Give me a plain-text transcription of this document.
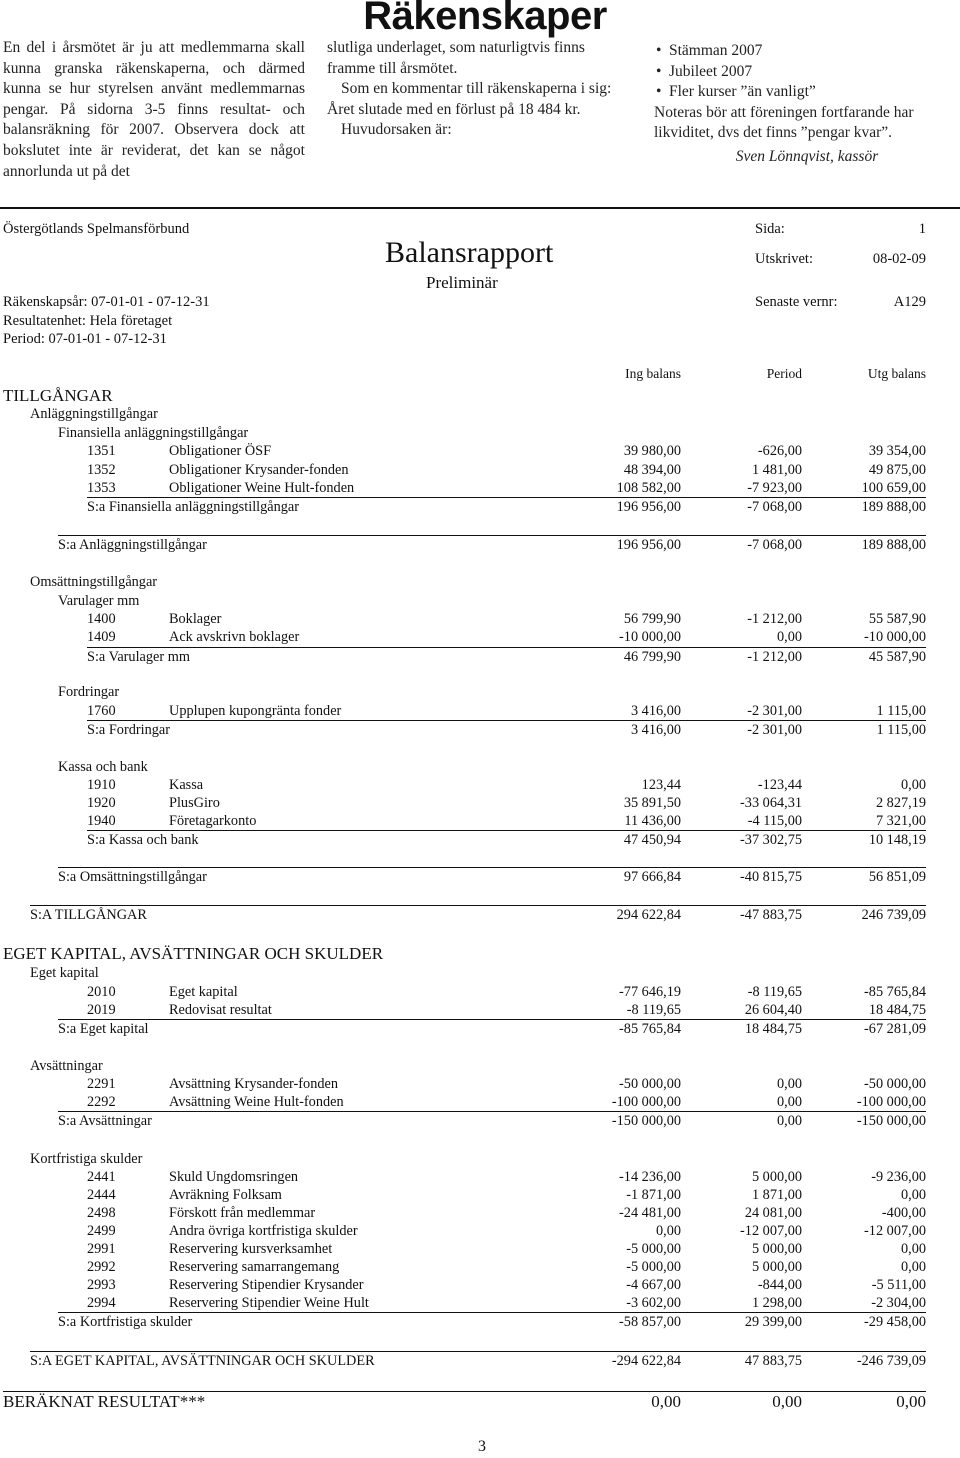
Räkenskaper

En del i årsmötet är ju att medlemmarna skall kunna granska räkenskaperna, och därmed kunna se hur styrelsen använt medlemmarnas pengar. På sidorna 3-5 finns resultat- och balansräkning för 2007. Observera dock att bokslutet inte är reviderat, det kan se något annorlunda ut på det

slutliga underlaget, som naturligtvis finns framme till årsmötet.

Som en kommentar till räkenskaperna i sig:

Året slutade med en förlust på 18 484 kr.

Huvudorsaken är:

• Stämman 2007

• Jubileet 2007

• Fler kurser ”än vanligt”

Noteras bör att föreningen fortfarande har likviditet, dvs det finns ”pengar kvar”.

Sven Lönnqvist, kassör

Östergötlands Spelmansförbund	Sida:	1
Balansrapport	Utskrivet:	08-02-09
Preliminär
Räkenskapsår: 07-01-01 - 07-12-31	Senaste vernr:	A129
Resultatenhet: Hela företaget
Period: 07-01-01 - 07-12-31
Ing balans	Period	Utg balans
TILLGÅNGAR
Anläggningstillgångar
Finansiella anläggningstillgångar
1351	Obligationer ÖSF	39 980,00	-626,00	39 354,00
1352	Obligationer Krysander-fonden	48 394,00	1 481,00	49 875,00
1353	Obligationer Weine Hult-fonden	108 582,00	-7 923,00	100 659,00
S:a Finansiella anläggningstillgångar	196 956,00	-7 068,00	189 888,00
S:a Anläggningstillgångar	196 956,00	-7 068,00	189 888,00
Omsättningstillgångar
Varulager mm
1400	Boklager	56 799,90	-1 212,00	55 587,90
1409	Ack avskrivn boklager	-10 000,00	0,00	-10 000,00
S:a Varulager mm	46 799,90	-1 212,00	45 587,90
Fordringar
1760	Upplupen kupongränta fonder	3 416,00	-2 301,00	1 115,00
S:a Fordringar	3 416,00	-2 301,00	1 115,00
Kassa och bank
1910	Kassa	123,44	-123,44	0,00
1920	PlusGiro	35 891,50	-33 064,31	2 827,19
1940	Företagarkonto	11 436,00	-4 115,00	7 321,00
S:a Kassa och bank	47 450,94	-37 302,75	10 148,19
S:a Omsättningstillgångar	97 666,84	-40 815,75	56 851,09
S:A TILLGÅNGAR	294 622,84	-47 883,75	246 739,09
EGET KAPITAL, AVSÄTTNINGAR OCH SKULDER
Eget kapital
2010	Eget kapital	-77 646,19	-8 119,65	-85 765,84
2019	Redovisat resultat	-8 119,65	26 604,40	18 484,75
S:a Eget kapital	-85 765,84	18 484,75	-67 281,09
Avsättningar
2291	Avsättning Krysander-fonden	-50 000,00	0,00	-50 000,00
2292	Avsättning Weine Hult-fonden	-100 000,00	0,00	-100 000,00
S:a Avsättningar	-150 000,00	0,00	-150 000,00
Kortfristiga skulder
2441	Skuld Ungdomsringen	-14 236,00	5 000,00	-9 236,00
2444	Avräkning Folksam	-1 871,00	1 871,00	0,00
2498	Förskott från medlemmar	-24 481,00	24 081,00	-400,00
2499	Andra övriga kortfristiga skulder	0,00	-12 007,00	-12 007,00
2991	Reservering kursverksamhet	-5 000,00	5 000,00	0,00
2992	Reservering samarrangemang	-5 000,00	5 000,00	0,00
2993	Reservering Stipendier Krysander	-4 667,00	-844,00	-5 511,00
2994	Reservering Stipendier Weine Hult	-3 602,00	1 298,00	-2 304,00
S:a Kortfristiga skulder	-58 857,00	29 399,00	-29 458,00
S:A EGET KAPITAL, AVSÄTTNINGAR OCH SKULDER	-294 622,84	47 883,75	-246 739,09
BERÄKNAT RESULTAT***	0,00	0,00	0,00
3
